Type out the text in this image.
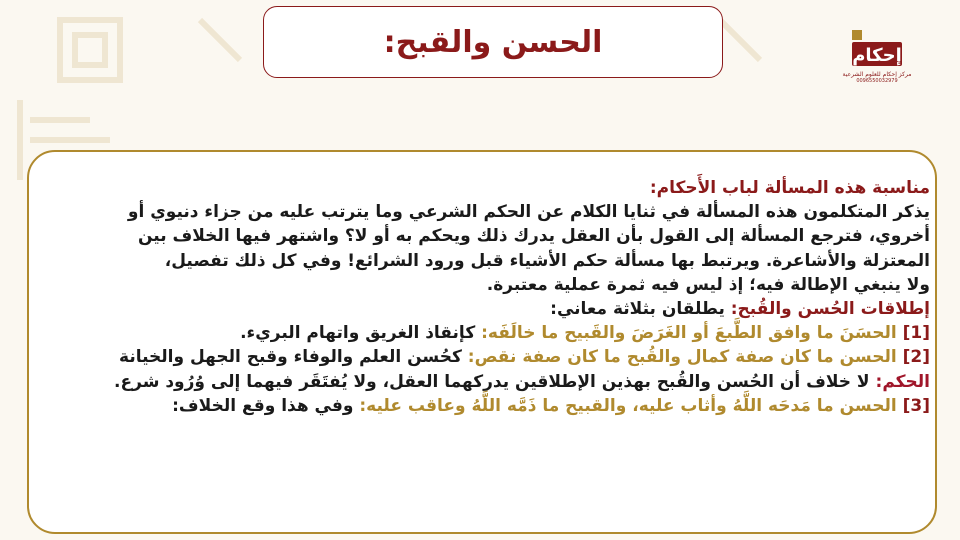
الحسن والقبح:	إحكام
مركز إحكام للعلوم الشرعية
0096550032979

مناسبة هذه المسألة لباب الأَحكام:

يذكر المتكلمون هذه المسألة في ثنايا الكلام عن الحكم الشرعي وما يترتب عليه من جزاء دنيوي أو

أخروي، فترجع المسألة إلى القول بأن العقل يدرك ذلك ويحكم به أو لا؟ واشتهر فيها الخلاف بين

المعتزلة والأشاعرة. ويرتبط بها مسألة حكم الأشياء قبل ورود الشرائع! وفي كل ذلك تفصيل،

ولا ينبغي الإطالة فيه؛ إذ ليس فيه ثمرة عملية معتبرة.

إطلاقات الحُسن والقُبح: يطلقان بثلاثة معاني:

[1] الحسَنَ ما وافق الطَّبعَ أو الغَرَضَ والقَبيح ما خالَفَه: كإنقاذ الغريق واتهام البريء.

[2] الحسن ما كان صفة كمال والقُبح ما كان صفة نقص: كحُسن العلم والوفاء وقبح الجهل والخيانة

الحكم: لا خلاف أن الحُسن والقُبح بهذين الإطلاقين يدركهما العقل، ولا يُفتَقَر فيهما إلى وُرُود شرع.

[3] الحسن ما مَدحَه اللَّهُ وأثاب عليه، والقبيح ما ذَمَّه اللَّهُ وعاقب عليه: وفي هذا وقع الخلاف:
